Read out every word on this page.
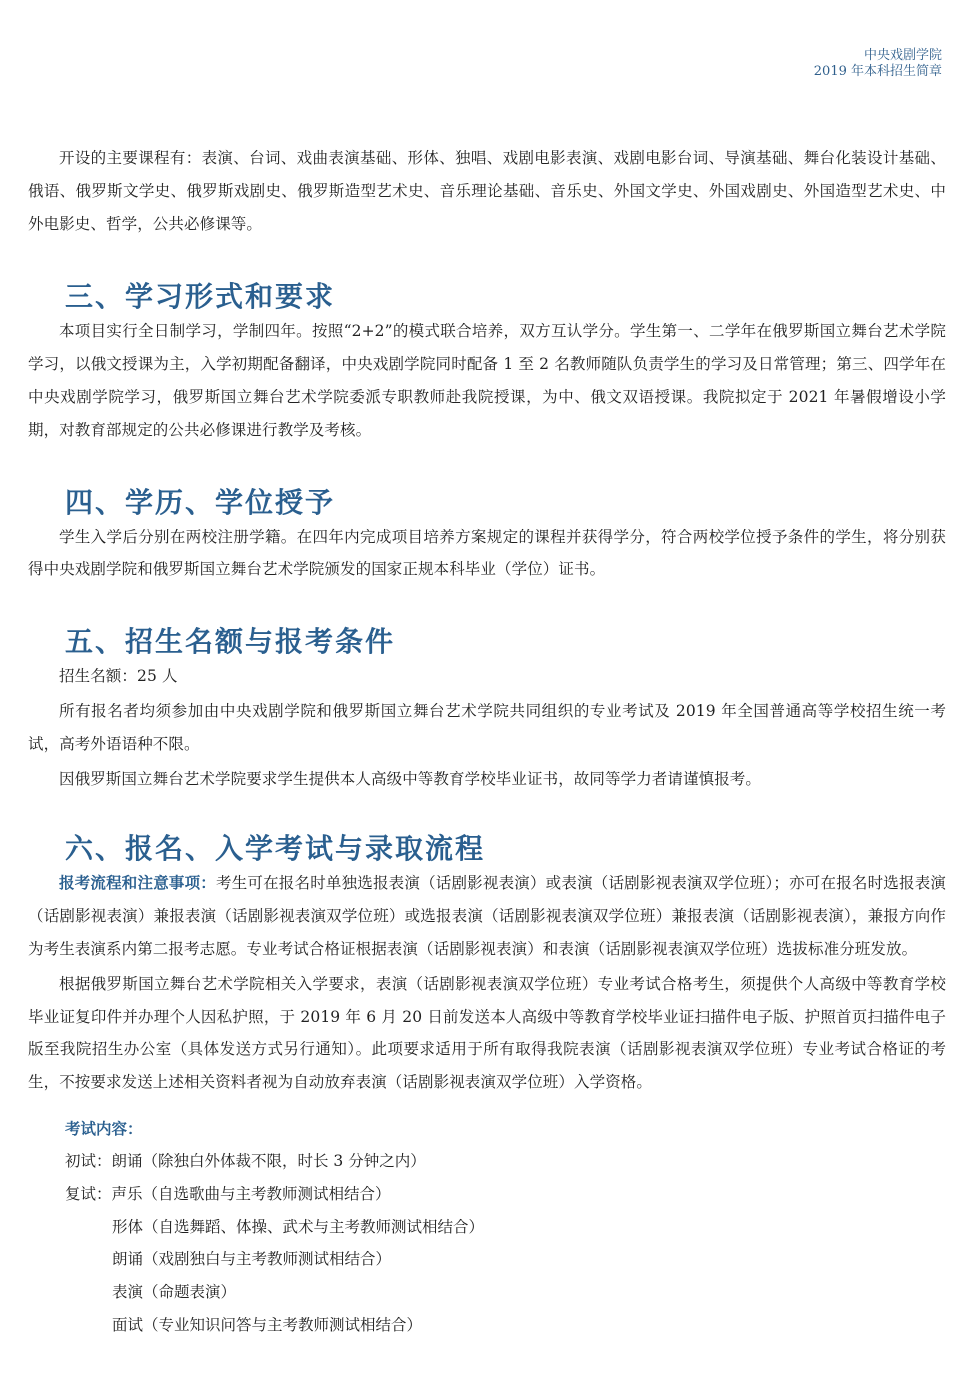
中央戏剧学院
2019 年本科招生简章

开设的主要课程有：表演、台词、戏曲表演基础、形体、独唱、戏剧电影表演、戏剧电影台词、导演基础、舞台化装设计基础、俄语、俄罗斯文学史、俄罗斯戏剧史、俄罗斯造型艺术史、音乐理论基础、音乐史、外国文学史、外国戏剧史、外国造型艺术史、中外电影史、哲学，公共必修课等。

三、学习形式和要求

本项目实行全日制学习，学制四年。按照“2+2”的模式联合培养，双方互认学分。学生第一、二学年在俄罗斯国立舞台艺术学院学习，以俄文授课为主，入学初期配备翻译，中央戏剧学院同时配备 1 至 2 名教师随队负责学生的学习及日常管理；第三、四学年在中央戏剧学院学习，俄罗斯国立舞台艺术学院委派专职教师赴我院授课，为中、俄文双语授课。我院拟定于 2021 年暑假增设小学期，对教育部规定的公共必修课进行教学及考核。

四、学历、学位授予

学生入学后分别在两校注册学籍。在四年内完成项目培养方案规定的课程并获得学分，符合两校学位授予条件的学生，将分别获得中央戏剧学院和俄罗斯国立舞台艺术学院颁发的国家正规本科毕业（学位）证书。

五、招生名额与报考条件

招生名额：25 人

所有报名者均须参加由中央戏剧学院和俄罗斯国立舞台艺术学院共同组织的专业考试及 2019 年全国普通高等学校招生统一考试，高考外语语种不限。

因俄罗斯国立舞台艺术学院要求学生提供本人高级中等教育学校毕业证书，故同等学力者请谨慎报考。

六、报名、入学考试与录取流程

报考流程和注意事项：考生可在报名时单独选报表演（话剧影视表演）或表演（话剧影视表演双学位班）；亦可在报名时选报表演（话剧影视表演）兼报表演（话剧影视表演双学位班）或选报表演（话剧影视表演双学位班）兼报表演（话剧影视表演），兼报方向作为考生表演系内第二报考志愿。专业考试合格证根据表演（话剧影视表演）和表演（话剧影视表演双学位班）选拔标准分班发放。

根据俄罗斯国立舞台艺术学院相关入学要求，表演（话剧影视表演双学位班）专业考试合格考生，须提供个人高级中等教育学校毕业证复印件并办理个人因私护照，于 2019 年 6 月 20 日前发送本人高级中等教育学校毕业证扫描件电子版、护照首页扫描件电子版至我院招生办公室（具体发送方式另行通知）。此项要求适用于所有取得我院表演（话剧影视表演双学位班）专业考试合格证的考生，不按要求发送上述相关资料者视为自动放弃表演（话剧影视表演双学位班）入学资格。

考试内容：

初试：朗诵（除独白外体裁不限，时长 3 分钟之内）

复试：声乐（自选歌曲与主考教师测试相结合）

形体（自选舞蹈、体操、武术与主考教师测试相结合）

朗诵（戏剧独白与主考教师测试相结合）

表演（命题表演）

面试（专业知识问答与主考教师测试相结合）
